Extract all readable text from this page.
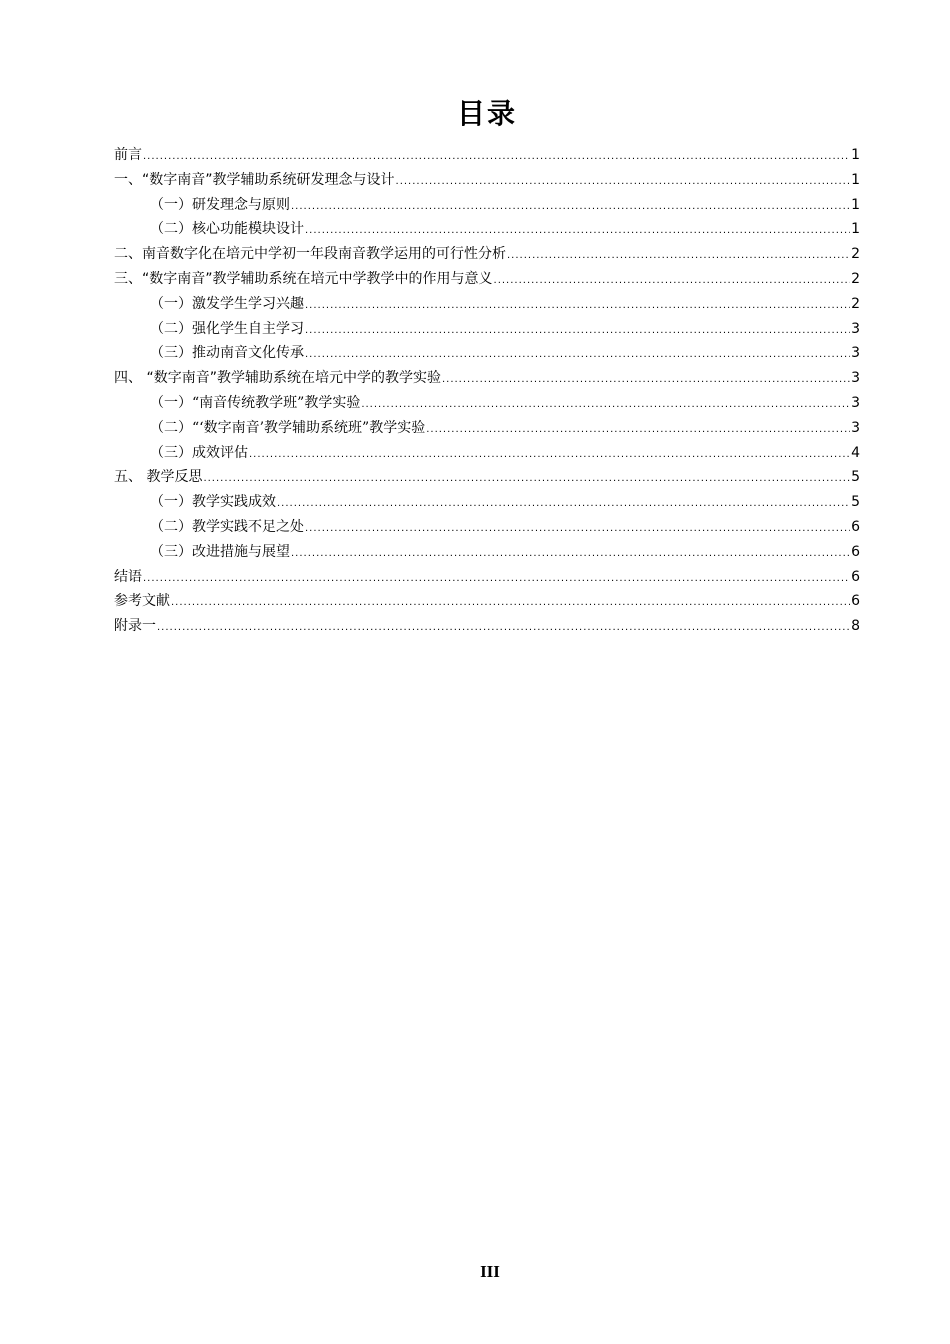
目录
前言 .....	1
一、“数字南音”教学辅助系统研发理念与设计 .....	1
（一）研发理念与原则 .....	1
（二）核心功能模块设计 .....	1
二、南音数字化在培元中学初一年段南音教学运用的可行性分析 .....	2
三、“数字南音”教学辅助系统在培元中学教学中的作用与意义 .....	2
（一）激发学生学习兴趣 .....	2
（二）强化学生自主学习 .....	3
（三）推动南音文化传承 .....	3
四、 “数字南音”教学辅助系统在培元中学的教学实验 .....	3
（一）“南音传统教学班”教学实验 .....	3
（二）“‘数字南音’教学辅助系统班”教学实验 .....	3
（三）成效评估 .....	4
五、 教学反思 .....	5
（一）教学实践成效 .....	5
（二）教学实践不足之处 .....	6
（三）改进措施与展望 .....	6
结语 .....	6
参考文献 .....	6
附录一 .....	8
III
